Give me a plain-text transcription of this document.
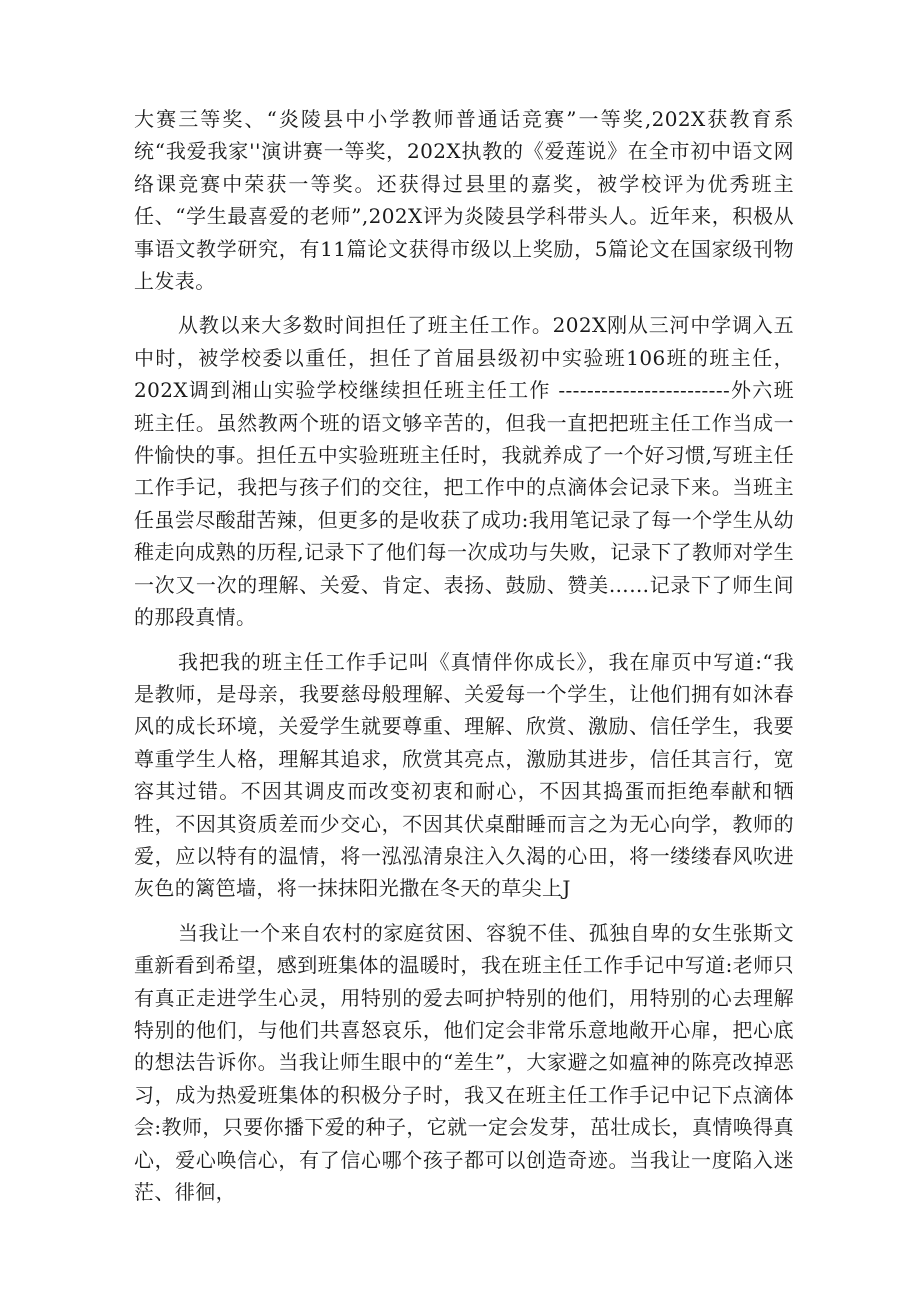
大赛三等奖、“炎陵县中小学教师普通话竞赛”一等奖,202X获教育系统“我爱我家''演讲赛一等奖，202X执教的《爱莲说》在全市初中语文网络课竞赛中荣获一等奖。还获得过县里的嘉奖，被学校评为优秀班主任、“学生最喜爱的老师”,202X评为炎陵县学科带头人。近年来，积极从事语文教学研究，有11篇论文获得市级以上奖励，5篇论文在国家级刊物上发表。

从教以来大多数时间担任了班主任工作。202X刚从三河中学调入五中时，被学校委以重任，担任了首届县级初中实验班106班的班主任，202X调到湘山实验学校继续担任班主任工作 ------------------------外六班班主任。虽然教两个班的语文够辛苦的，但我一直把把班主任工作当成一件愉快的事。担任五中实验班班主任时，我就养成了一个好习惯,写班主任工作手记，我把与孩子们的交往，把工作中的点滴体会记录下来。当班主任虽尝尽酸甜苦辣，但更多的是收获了成功:我用笔记录了每一个学生从幼稚走向成熟的历程,记录下了他们每一次成功与失败，记录下了教师对学生一次又一次的理解、关爱、肯定、表扬、鼓励、赞美……记录下了师生间的那段真情。

我把我的班主任工作手记叫《真情伴你成长》，我在扉页中写道:“我是教师，是母亲，我要慈母般理解、关爱每一个学生，让他们拥有如沐春风的成长环境，关爱学生就要尊重、理解、欣赏、激励、信任学生，我要尊重学生人格，理解其追求，欣赏其亮点，激励其进步，信任其言行，宽容其过错。不因其调皮而改变初衷和耐心，不因其捣蛋而拒绝奉献和牺牲，不因其资质差而少交心，不因其伏桌酣睡而言之为无心向学，教师的爱，应以特有的温情，将一泓泓清泉注入久渴的心田，将一缕缕春风吹进灰色的篱笆墙，将一抹抹阳光撒在冬天的草尖上J

当我让一个来自农村的家庭贫困、容貌不佳、孤独自卑的女生张斯文重新看到希望，感到班集体的温暖时，我在班主任工作手记中写道:老师只有真正走进学生心灵，用特别的爱去呵护特别的他们，用特别的心去理解特别的他们，与他们共喜怒哀乐，他们定会非常乐意地敞开心扉，把心底的想法告诉你。当我让师生眼中的“差生”，大家避之如瘟神的陈亮改掉恶习，成为热爱班集体的积极分子时，我又在班主任工作手记中记下点滴体会:教师，只要你播下爱的种子，它就一定会发芽，茁壮成长，真情唤得真心，爱心唤信心，有了信心哪个孩子都可以创造奇迹。当我让一度陷入迷茫、徘徊，
